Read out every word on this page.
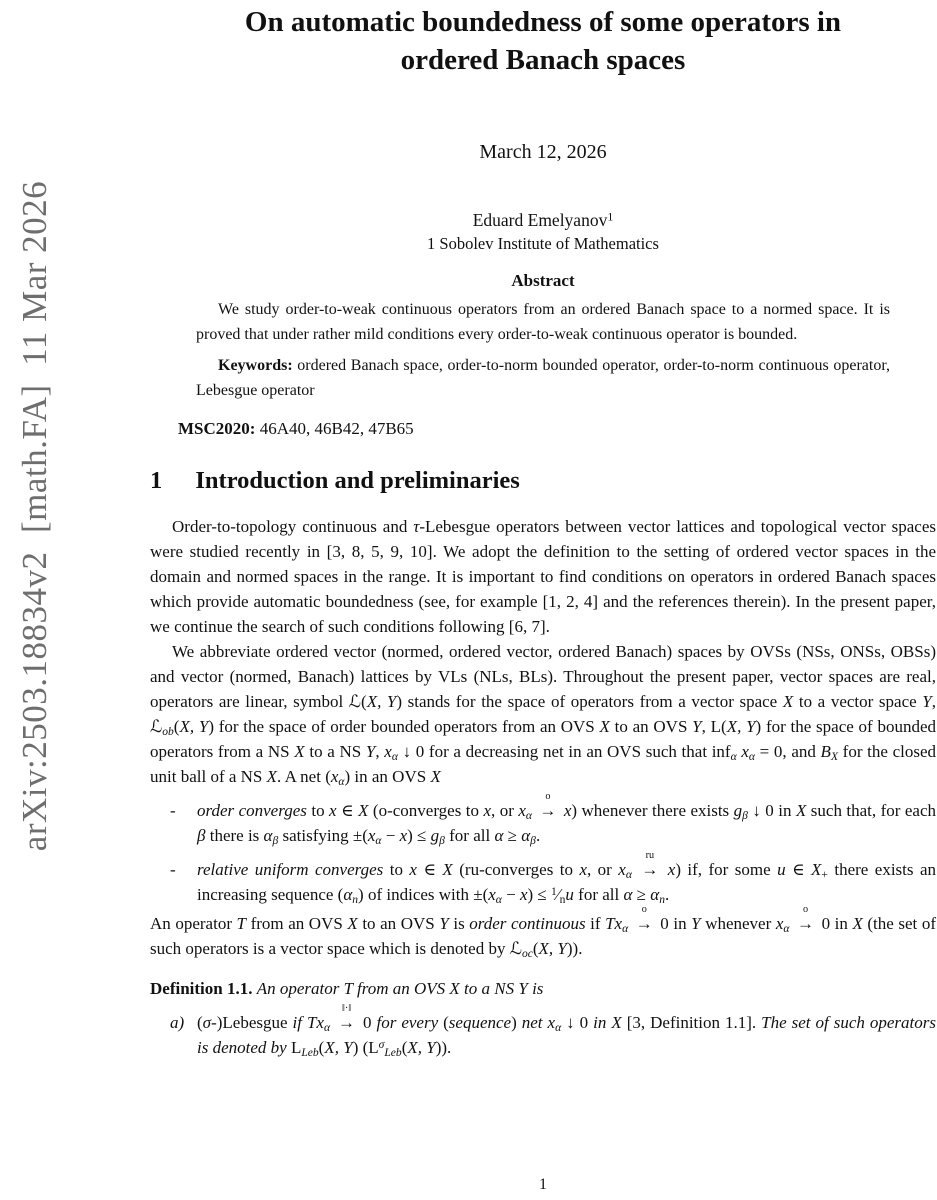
arXiv:2503.18834v2  [math.FA]  11 Mar 2026
On automatic boundedness of some operators in
ordered Banach spaces
March 12, 2026
Eduard Emelyanov$^1$
1 Sobolev Institute of Mathematics
Abstract

We study order-to-weak continuous operators from an ordered Banach space to a normed space. It is proved that under rather mild conditions every order-to-weak continuous operator is bounded.

Keywords: ordered Banach space, order-to-norm bounded operator, order-to-norm continuous operator, Lebesgue operator

MSC2020: 46A40, 46B42, 47B65

1 Introduction and preliminaries

Order-to-topology continuous and τ-Lebesgue operators between vector lattices and topological vector spaces were studied recently in [3, 8, 5, 9, 10]. We adopt the definition to the setting of ordered vector spaces in the domain and normed spaces in the range. It is important to find conditions on operators in ordered Banach spaces which provide automatic boundedness (see, for example [1, 2, 4] and the references therein). In the present paper, we continue the search of such conditions following [6, 7].

We abbreviate ordered vector (normed, ordered vector, ordered Banach) spaces by OVSs (NSs, ONSs, OBSs) and vector (normed, Banach) lattices by VLs (NLs, BLs). Throughout the present paper, vector spaces are real, operators are linear, symbol ℒ(X, Y) stands for the space of operators from a vector space X to a vector space Y, ℒ$_{ob}$(X, Y) for the space of order bounded operators from an OVS X to an OVS Y, L(X, Y) for the space of bounded operators from a NS X to a NS Y, $x_\alpha$ ↓ 0 for a decreasing net in an OVS such that inf$_\alpha$ $x_\alpha = 0$, and $B_X$ for the closed unit ball of a NS X. A net $(x_\alpha)$ in an OVS X

-	order converges to x ∈ X (o-converges to x, or $x_\alpha$
o
→ x) whenever there exists $g_\beta$ ↓ 0 in X such that, for each β there is $\alpha_\beta$ satisfying $\pm(x_\alpha - x) \le g_\beta$ for all $\alpha \ge \alpha_\beta$.
-	relative uniform converges to x ∈ X (ru-converges to x, or $x_\alpha$
ru
→ x) if, for some u ∈ $X_+$ there exists an increasing sequence $(\alpha_n)$ of indices with $\pm(x_\alpha - x)$ ≤ $^1⁄_nu$ for all $\alpha \ge \alpha_n$.

An operator T from an OVS X to an OVS Y is order continuous if $Tx_\alpha$
o
→ 0 in Y whenever $x_\alpha$
o
→ 0 in X (the set of such operators is a vector space which is denoted by ℒ$_{oc}$(X, Y)).

Definition 1.1. An operator T from an OVS X to a NS Y is

a) (σ-)Lebesgue if $Tx_\alpha$
‖·‖
→ 0 for every (sequence) net $x_\alpha$ ↓ 0 in X [3, Definition 1.1]. The set of such operators is denoted by $L_{Leb}(X$, Y) ($L^\sigma_{Leb}(X$, Y)).
1
